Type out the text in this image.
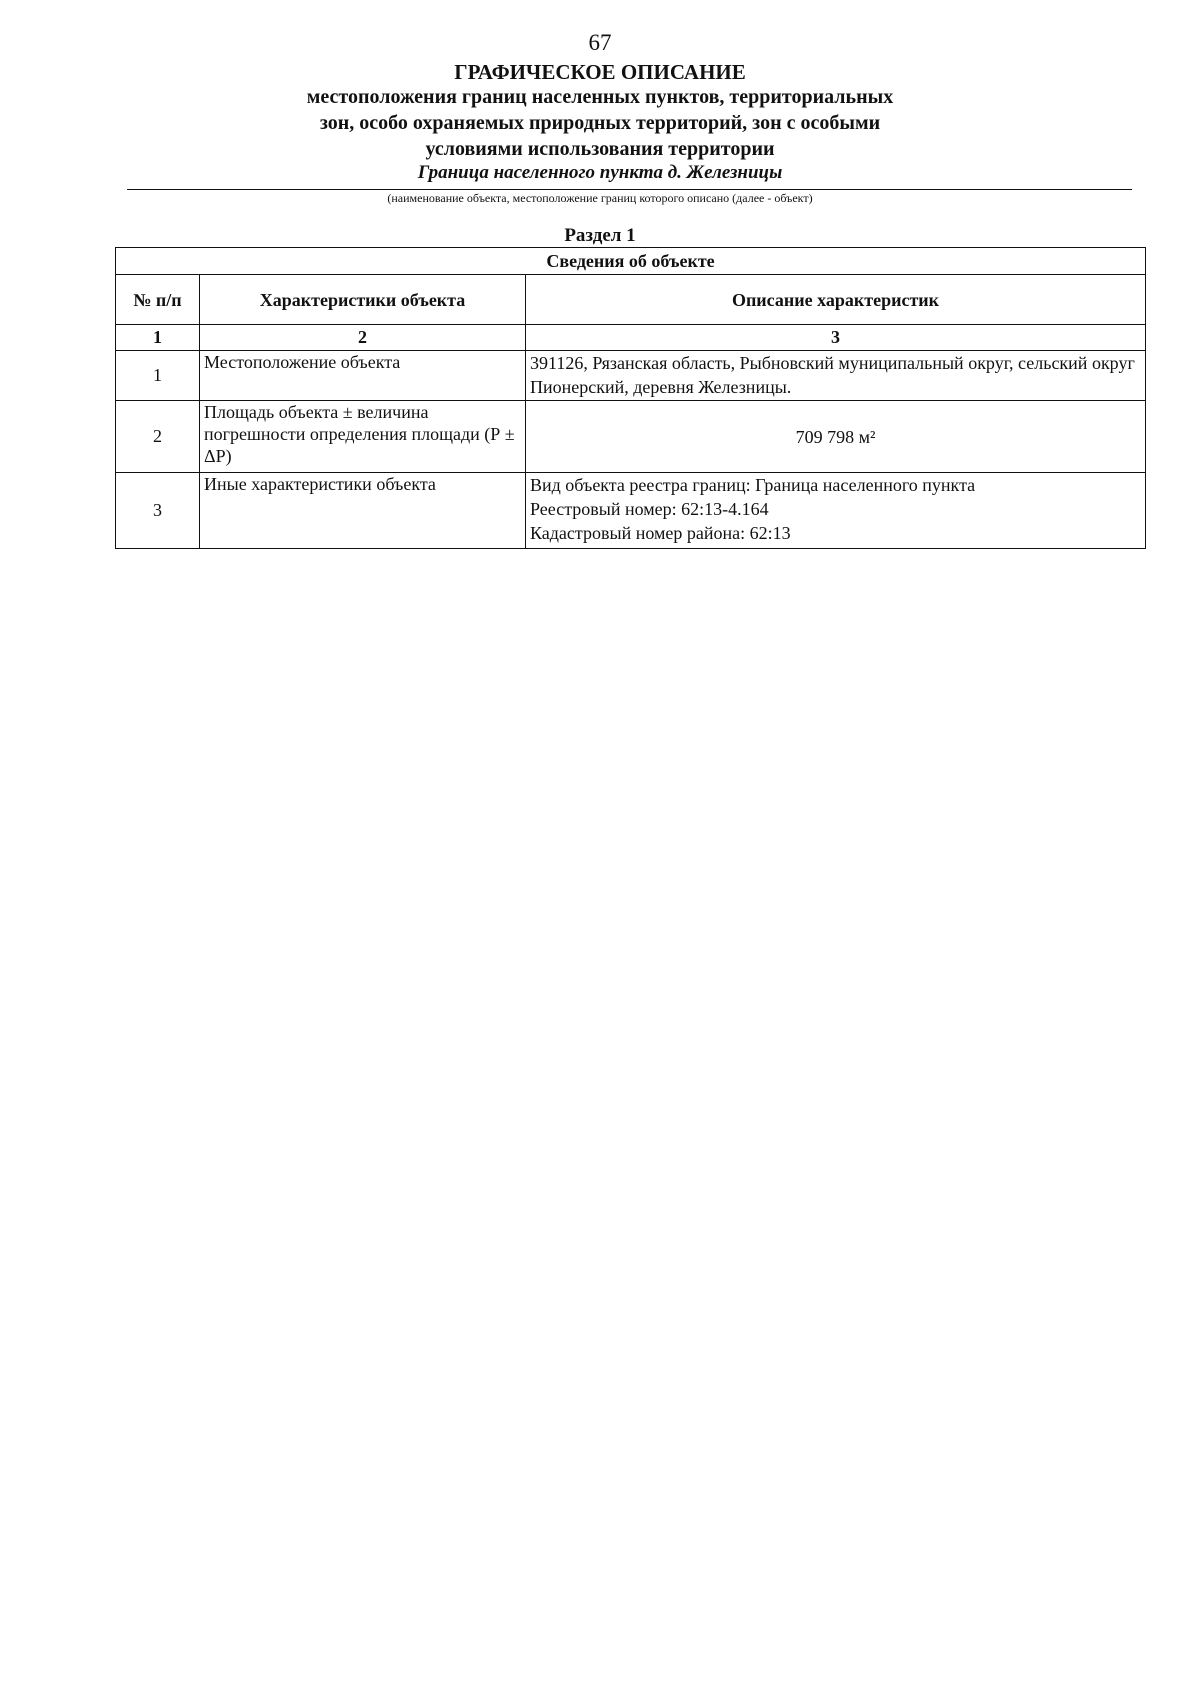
67
ГРАФИЧЕСКОЕ ОПИСАНИЕ
местоположения границ населенных пунктов, территориальных
зон, особо охраняемых природных территорий, зон с особыми
условиями использования территории
Граница населенного пункта д. Железницы
(наименование объекта, местоположение границ которого описано (далее - объект)
Раздел 1
Сведения об объекте		
№ п/п	Характеристики объекта	Описание характеристик
1	2	3
1	Местоположение объекта	391126, Рязанская область, Рыбновский муниципальный округ, сельский округ Пионерский, деревня Железницы.
2	Площадь объекта ± величина погрешности определения площади (Р ± ΔР)	709 798 м²
3	Иные характеристики объекта	Вид объекта реестра границ: Граница населенного пункта
Реестровый номер: 62:13-4.164
Кадастровый номер района: 62:13
